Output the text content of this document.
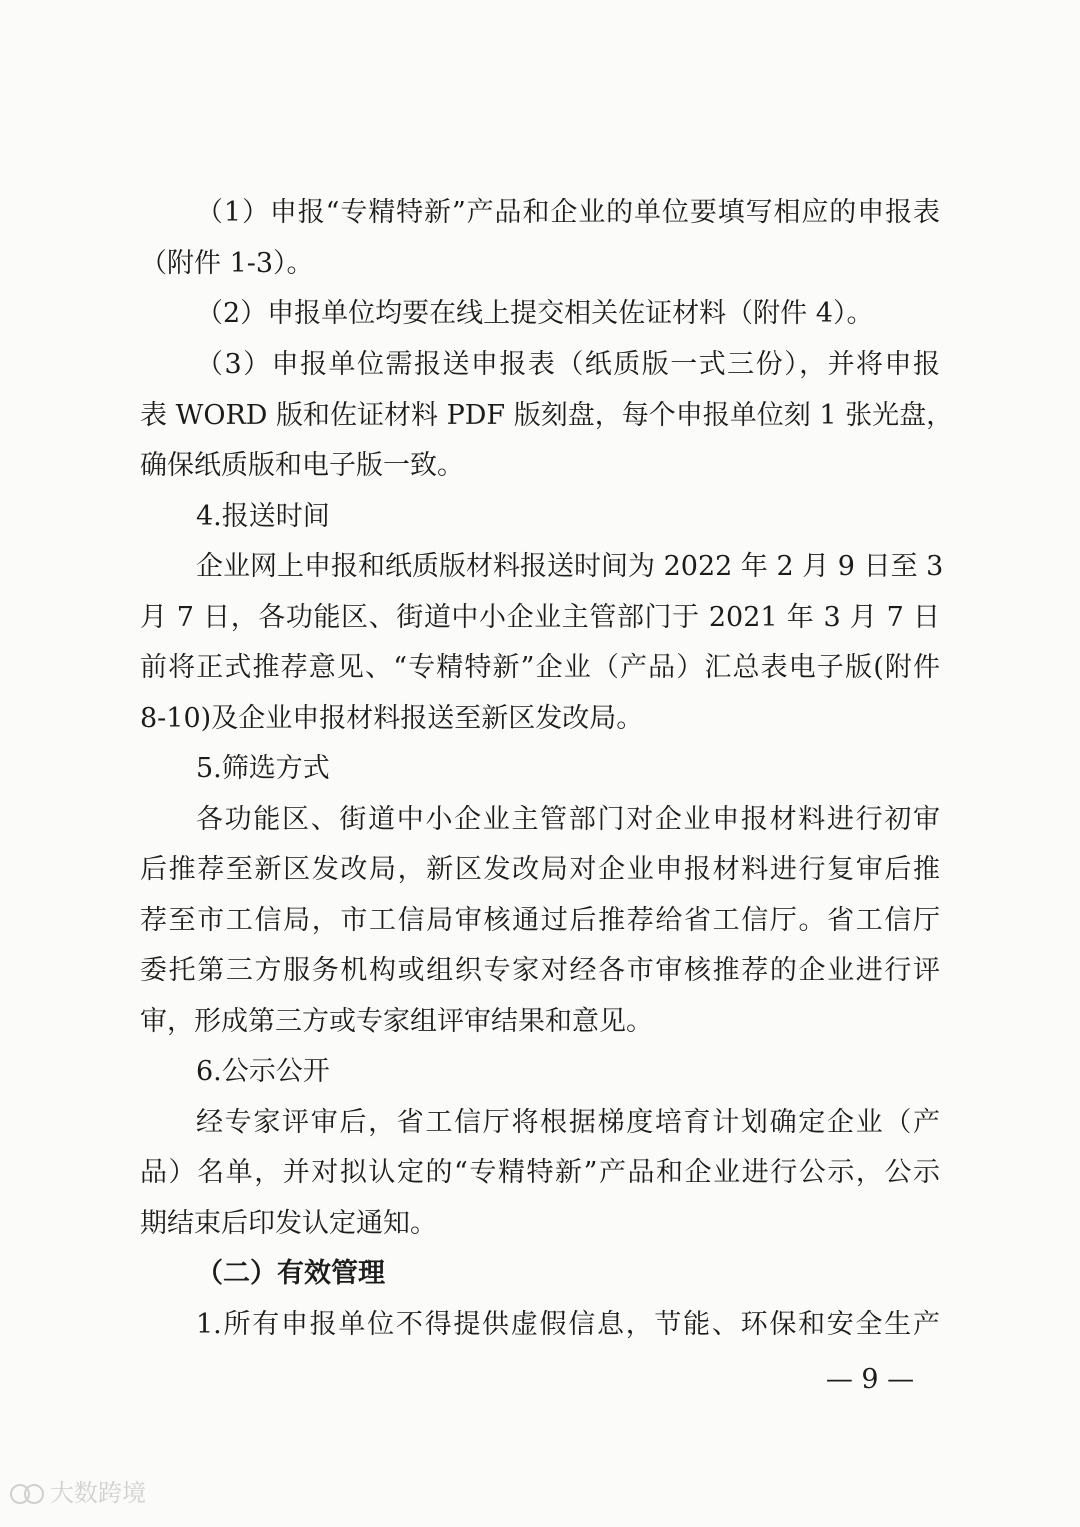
（1）申报“专精特新”产品和企业的单位要填写相应的申报表
（附件 1-3）。
（2）申报单位均要在线上提交相关佐证材料（附件 4）。
（3）申报单位需报送申报表（纸质版一式三份），并将申报
表 WORD 版和佐证材料 PDF 版刻盘，每个申报单位刻 1 张光盘，
确保纸质版和电子版一致。
4.报送时间
企业网上申报和纸质版材料报送时间为 2022 年 2 月 9 日至 3
月 7 日，各功能区、街道中小企业主管部门于 2021 年 3 月 7 日
前将正式推荐意见、“专精特新”企业（产品）汇总表电子版(附件
8-10)及企业申报材料报送至新区发改局。
5.筛选方式
各功能区、街道中小企业主管部门对企业申报材料进行初审
后推荐至新区发改局，新区发改局对企业申报材料进行复审后推
荐至市工信局，市工信局审核通过后推荐给省工信厅。省工信厅
委托第三方服务机构或组织专家对经各市审核推荐的企业进行评
审，形成第三方或专家组评审结果和意见。
6.公示公开
经专家评审后，省工信厅将根据梯度培育计划确定企业（产
品）名单，并对拟认定的“专精特新”产品和企业进行公示，公示
期结束后印发认定通知。
（二）有效管理
1.所有申报单位不得提供虚假信息，节能、环保和安全生产
— 9 —
大数跨境
